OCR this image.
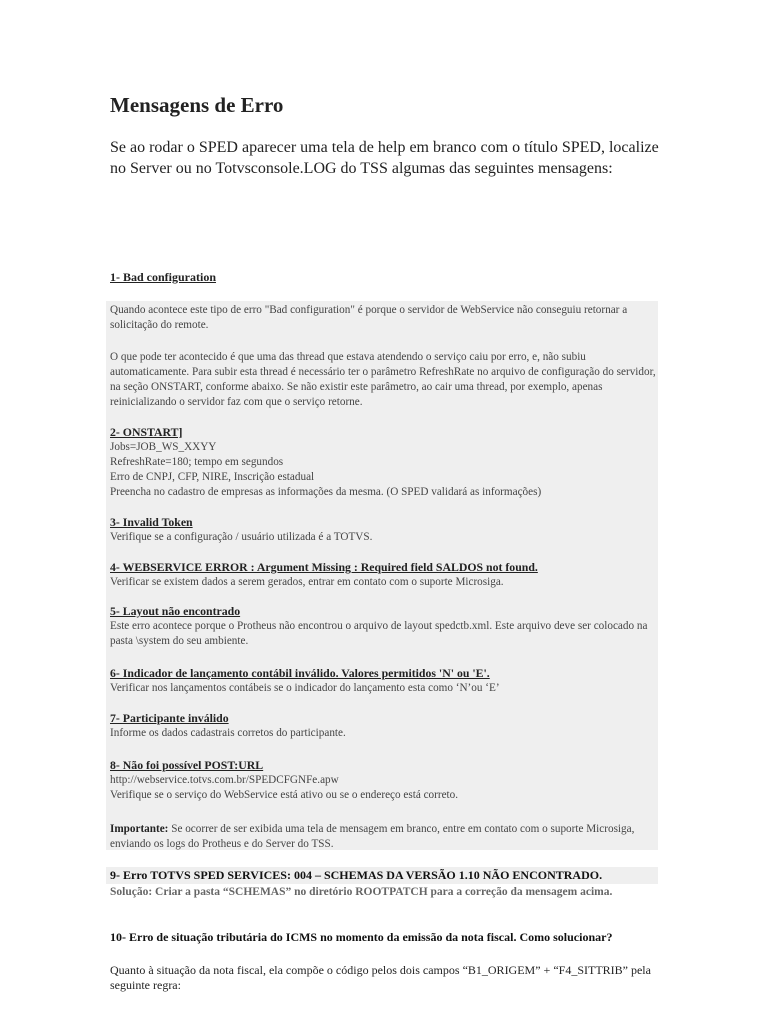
Mensagens de Erro

Se ao rodar o SPED aparecer uma tela de help em branco com o título SPED, localize no Server ou no Totvsconsole.LOG do TSS algumas das seguintes mensagens:

1- Bad configuration
Quando acontece este tipo de erro "Bad configuration" é porque o servidor de WebService não conseguiu retornar a solicitação do remote.
O que pode ter acontecido é que uma das thread que estava atendendo o serviço caiu por erro, e, não subiu automaticamente. Para subir esta thread é necessário ter o parâmetro RefreshRate no arquivo de configuração do servidor, na seção ONSTART, conforme abaixo. Se não existir este parâmetro, ao cair uma thread, por exemplo, apenas reinicializando o servidor faz com que o serviço retorne.
2- ONSTART]
Jobs=JOB_WS_XXYY
RefreshRate=180; tempo em segundos
Erro de CNPJ, CFP, NIRE, Inscrição estadual
Preencha no cadastro de empresas as informações da mesma. (O SPED validará as informações)
3- Invalid Token
Verifique se a configuração / usuário utilizada é a TOTVS.
4- WEBSERVICE ERROR : Argument Missing : Required field SALDOS not found.
Verificar se existem dados a serem gerados, entrar em contato com o suporte Microsiga.
5- Layout não encontrado
Este erro acontece porque o Protheus não encontrou o arquivo de layout spedctb.xml. Este arquivo deve ser colocado na pasta \system do seu ambiente.
6- Indicador de lançamento contábil inválido. Valores permitidos 'N' ou 'E'.
Verificar nos lançamentos contábeis se o indicador do lançamento esta como ‘N’ou ‘E’
7- Participante inválido
Informe os dados cadastrais corretos do participante.
8- Não foi possível POST:URL
http://webservice.totvs.com.br/SPEDCFGNFe.apw
Verifique se o serviço do WebService está ativo ou se o endereço está correto.
Importante: Se ocorrer de ser exibida uma tela de mensagem em branco, entre em contato com o suporte Microsiga, enviando os logs do Protheus e do Server do TSS.
9- Erro TOTVS SPED SERVICES: 004 – SCHEMAS DA VERSÃO 1.10 NÃO ENCONTRADO.
Solução: Criar a pasta “SCHEMAS” no diretório ROOTPATCH para a correção da mensagem acima.
10- Erro de situação tributária do ICMS no momento da emissão da nota fiscal. Como solucionar?
Quanto à situação da nota fiscal, ela compõe o código pelos dois campos “B1_ORIGEM” + “F4_SITTRIB” pela seguinte regra:
